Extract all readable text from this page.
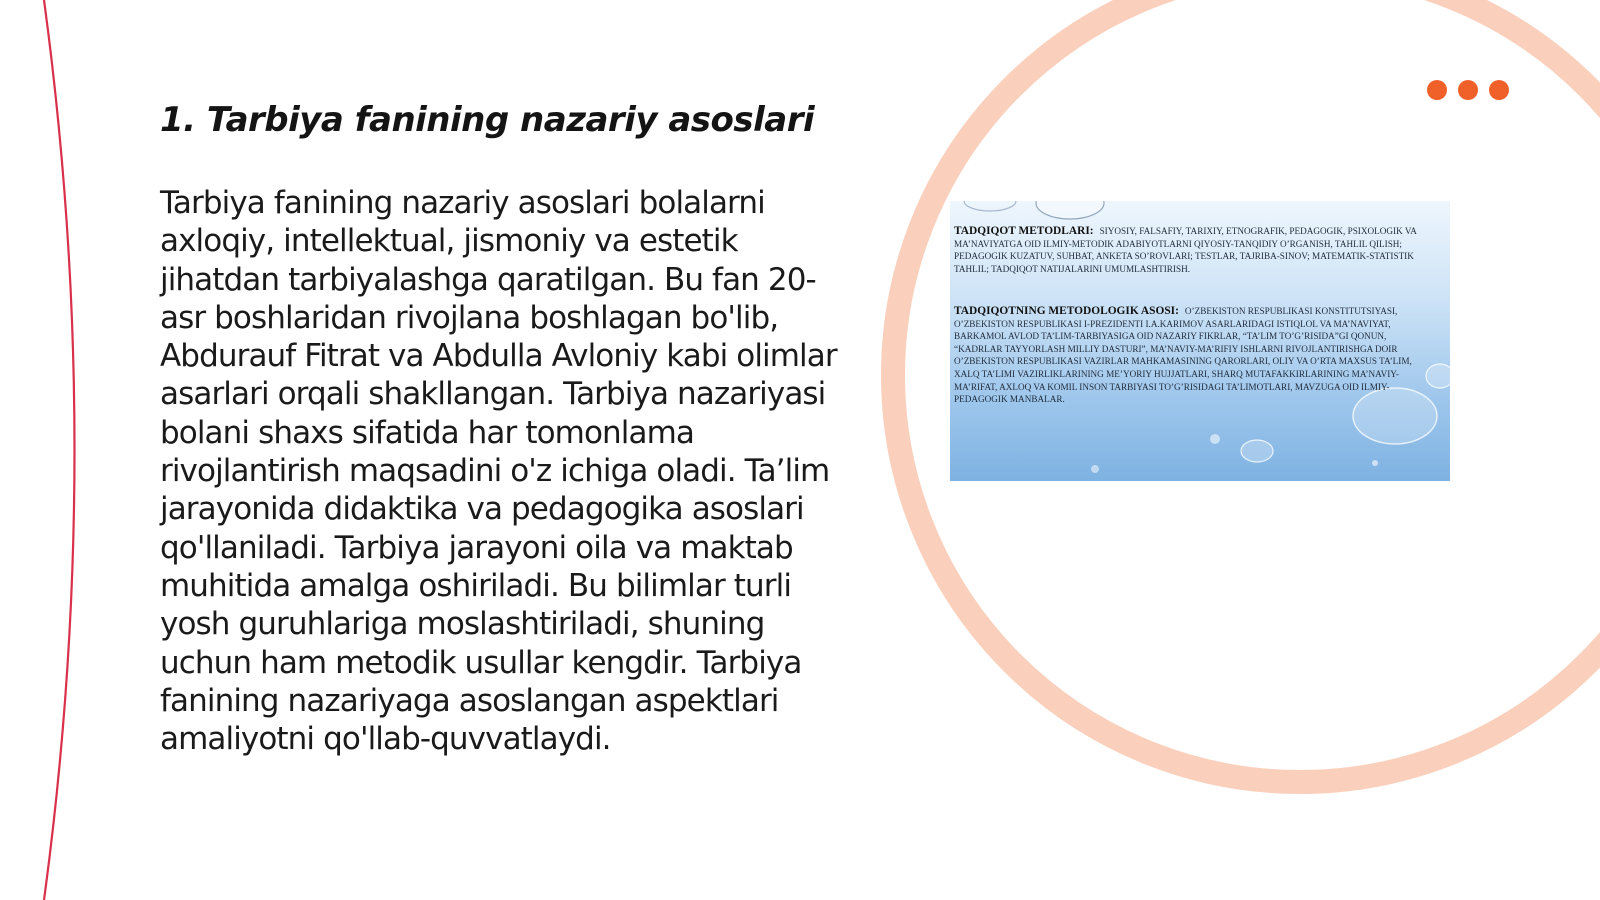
1. Tarbiya fanining nazariy asoslari

Tarbiya fanining nazariy asoslari bolalarni axloqiy, intellektual, jismoniy va estetik jihatdan tarbiyalashga qaratilgan. Bu fan 20-asr boshlaridan rivojlana boshlagan bo'lib, Abdurauf Fitrat va Abdulla Avloniy kabi olimlar asarlari orqali shakllangan. Tarbiya nazariyasi bolani shaxs sifatida har tomonlama rivojlantirish maqsadini o'z ichiga oladi. Ta’lim jarayonida didaktika va pedagogika asoslari qo'llaniladi. Tarbiya jarayoni oila va maktab muhitida amalga oshiriladi. Bu bilimlar turli yosh guruhlariga moslashtiriladi, shuning uchun ham metodik usullar kengdir. Tarbiya fanining nazariyaga asoslangan aspektlari amaliyotni qo'llab-quvvatlaydi.

TADQIQOT METODLARI: SIYOSIY, FALSAFIY, TARIXIY, ETNOGRAFIK, PEDAGOGIK, PSIXOLOGIK VA MA’NAVIYATGA OID ILMIY-METODIK ADABIYOTLARNI QIYOSIY-TANQIDIY O’RGANISH, TAHLIL QILISH; PEDAGOGIK KUZATUV, SUHBAT, ANKETA SO’ROVLARI; TESTLAR, TAJRIBA-SINOV; MATEMATIK-STATISTIK TAHLIL; TADQIQOT NATIJALARINI UMUMLASHTIRISH.
TADQIQOTNING METODOLOGIK ASOSI: O’ZBEKISTON RESPUBLIKASI KONSTITUTSIYASI, O’ZBEKISTON RESPUBLIKASI I-PREZIDENTI I.A.KARIMOV ASARLARIDAGI ISTIQLOL VA MA’NAVIYAT, BARKAMOL AVLOD TA’LIM-TARBIYASIGA OID NAZARIY FIKRLAR, “TA’LIM TO’G’RISIDA”GI QONUN, “KADRLAR TAYYORLASH MILLIY DASTURI”, MA’NAVIY-MA’RIFIY ISHLARNI RIVOJLANTIRISHGA DOIR O’ZBEKISTON RESPUBLIKASI VAZIRLAR MAHKAMASINING QARORLARI, OLIY VA O’RTA MAXSUS TA’LIM, XALQ TA’LIMI VAZIRLIKLARINING ME’YORIY HUJJATLARI, SHARQ MUTAFAKKIRLARINING MA’NAVIY-MA’RIFAT, AXLOQ VA KOMIL INSON TARBIYASI TO’G’RISIDAGI TA’LIMOTLARI, MAVZUGA OID ILMIY-PEDAGOGIK MANBALAR.
